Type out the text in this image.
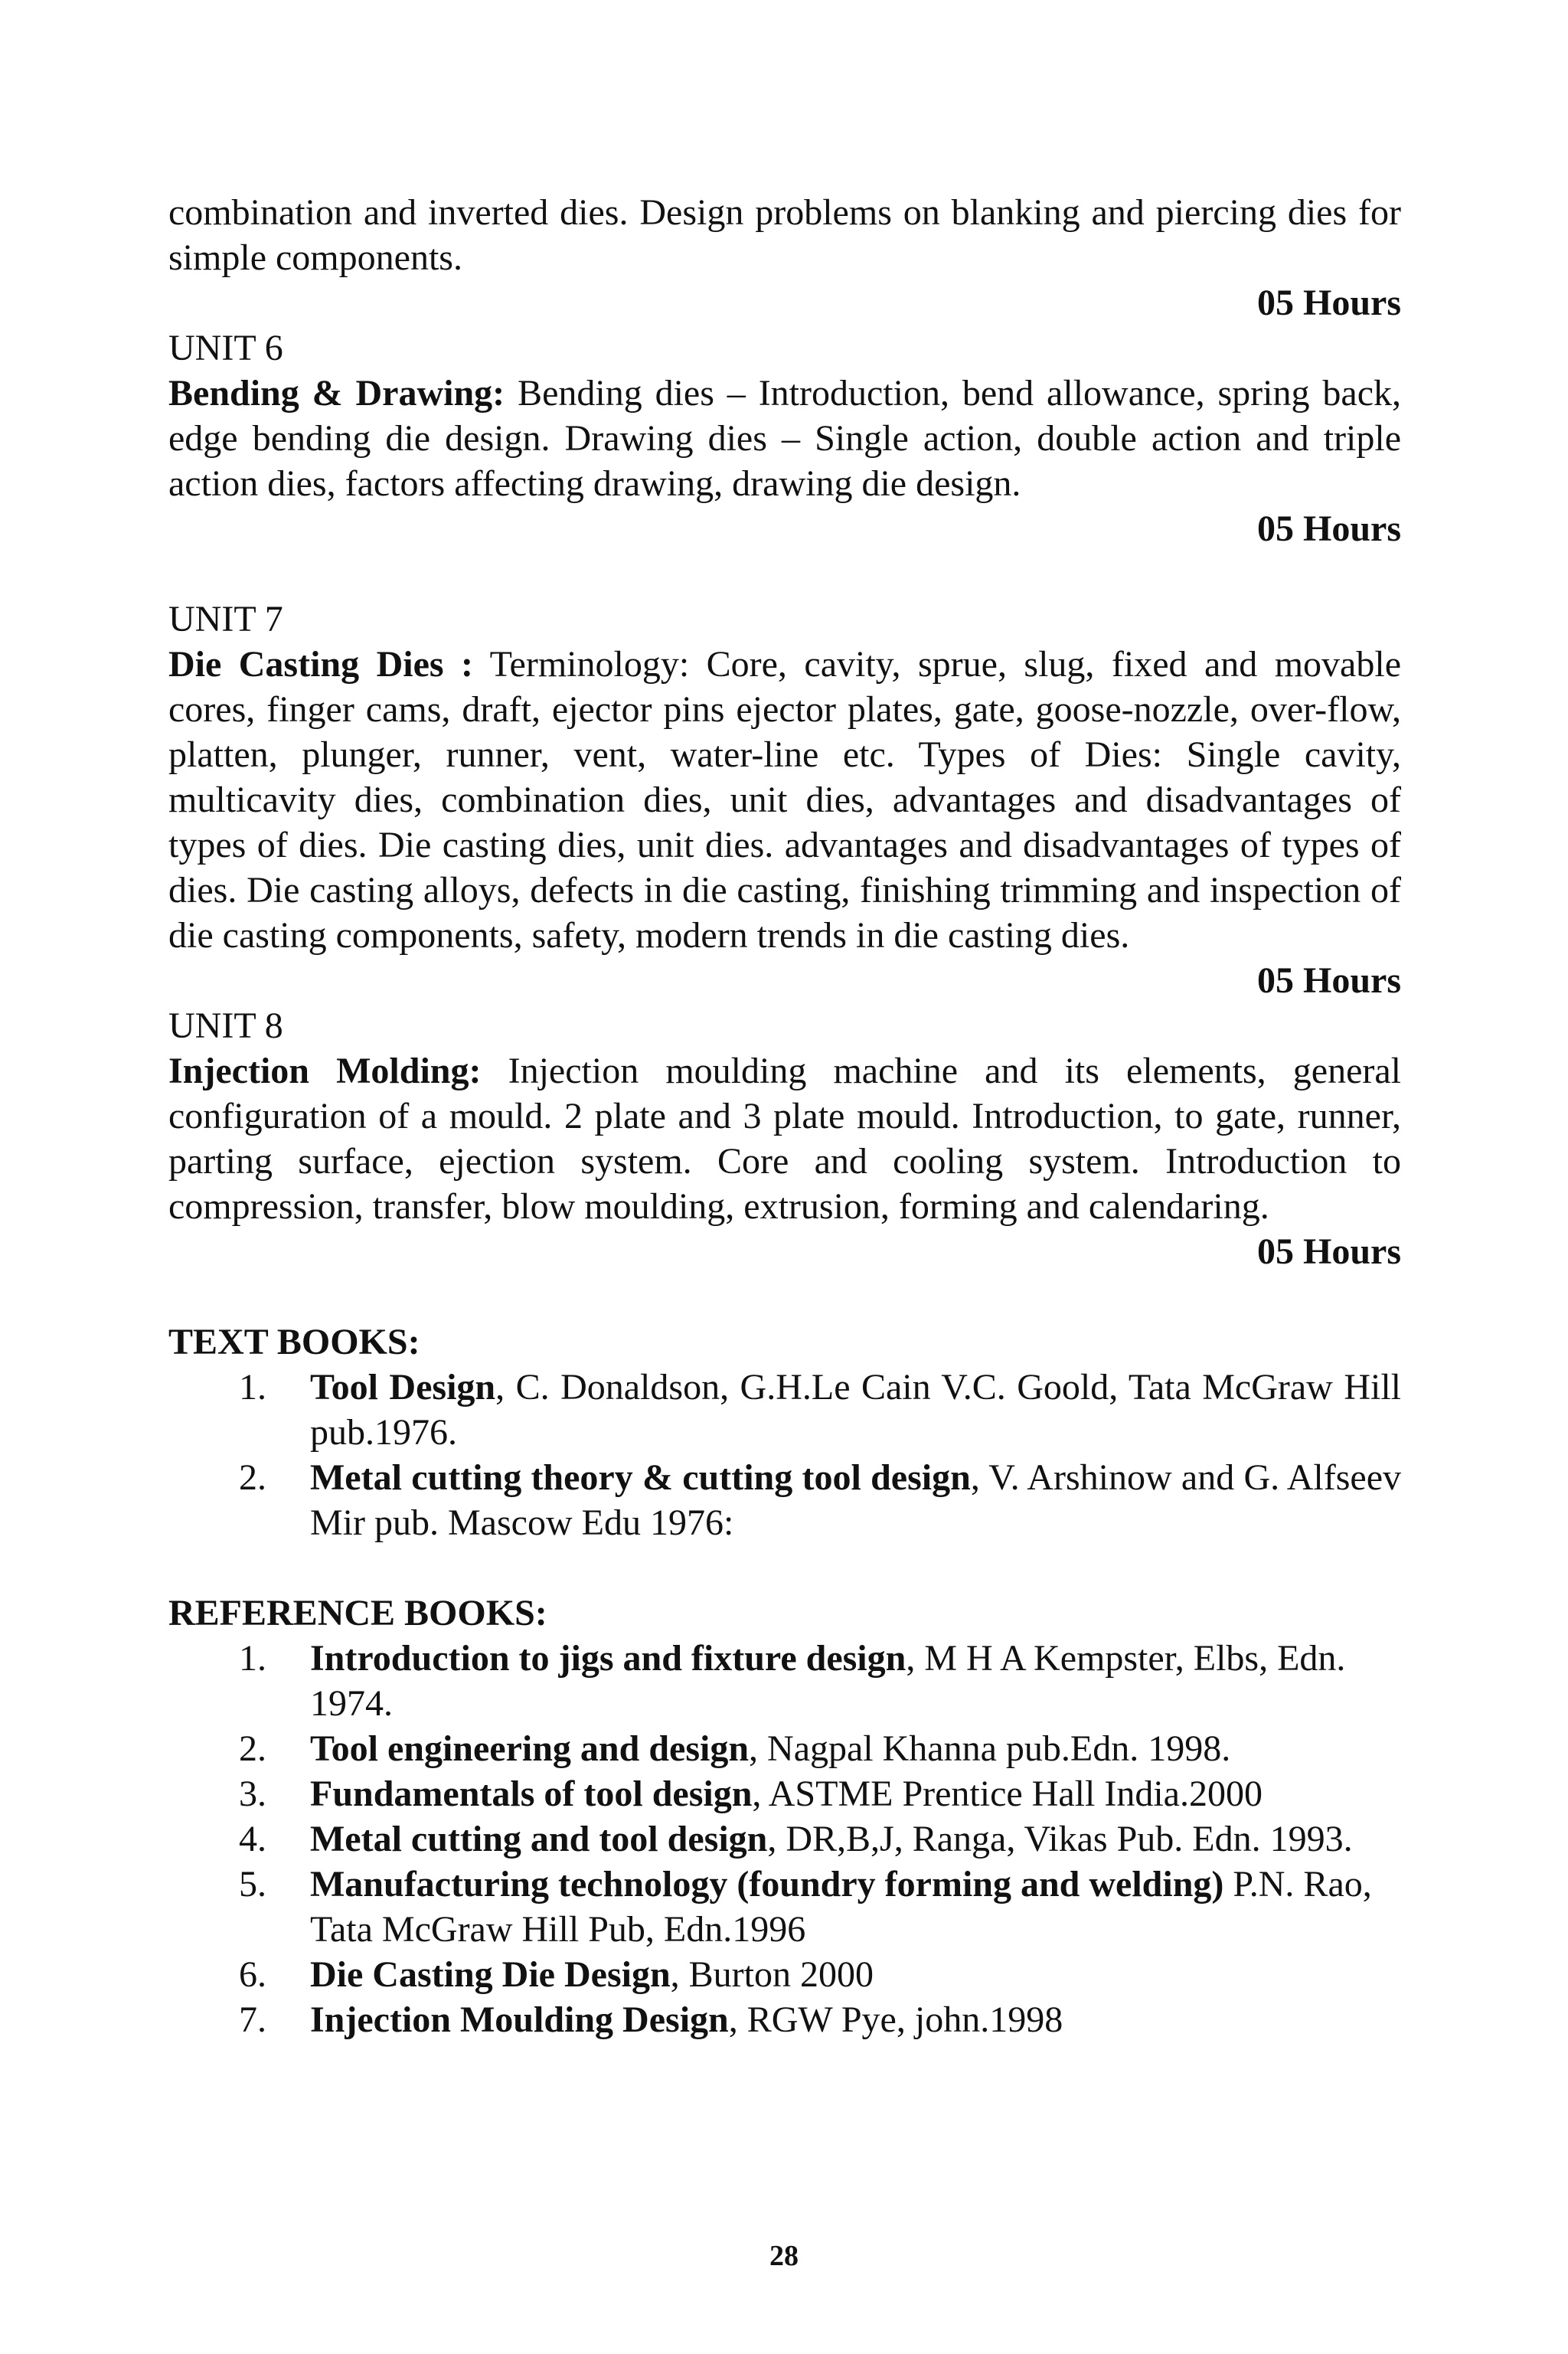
combination and inverted dies. Design problems on blanking and piercing dies for simple components.

05 Hours

UNIT 6

Bending & Drawing: Bending dies – Introduction, bend allowance, spring back, edge bending die design. Drawing dies – Single action, double action and triple action dies, factors affecting drawing, drawing die design.

05 Hours

UNIT 7

Die Casting Dies : Terminology: Core, cavity, sprue, slug, fixed and movable cores, finger cams, draft, ejector pins ejector plates, gate, goose-nozzle, over-flow, platten, plunger, runner, vent, water-line etc. Types of Dies: Single cavity, multicavity dies, combination dies, unit dies, advantages and disadvantages of types of dies. Die casting dies, unit dies. advantages and disadvantages of types of dies. Die casting alloys, defects in die casting, finishing trimming and inspection of die casting components, safety, modern trends in die casting dies.

05 Hours

UNIT 8

Injection Molding: Injection moulding machine and its elements, general configuration of a mould. 2 plate and 3 plate mould. Introduction, to gate, runner, parting surface, ejection system. Core and cooling system. Introduction to compression, transfer, blow moulding, extrusion, forming and calendaring.

05 Hours

TEXT BOOKS:

1. Tool Design, C. Donaldson, G.H.Le Cain V.C. Goold, Tata McGraw Hill pub.1976.
2. Metal cutting theory & cutting tool design, V. Arshinow and G. Alfseev Mir pub. Mascow Edu 1976:

REFERENCE BOOKS:

1. Introduction to jigs and fixture design, M H A Kempster, Elbs, Edn. 1974.
2. Tool engineering and design, Nagpal Khanna pub.Edn. 1998.
3. Fundamentals of tool design, ASTME Prentice Hall India.2000
4. Metal cutting and tool design, DR,B,J, Ranga, Vikas Pub. Edn. 1993.
5. Manufacturing technology (foundry forming and welding) P.N. Rao, Tata McGraw Hill Pub, Edn.1996
6. Die Casting Die Design, Burton 2000
7. Injection Moulding Design, RGW Pye, john.1998
28
